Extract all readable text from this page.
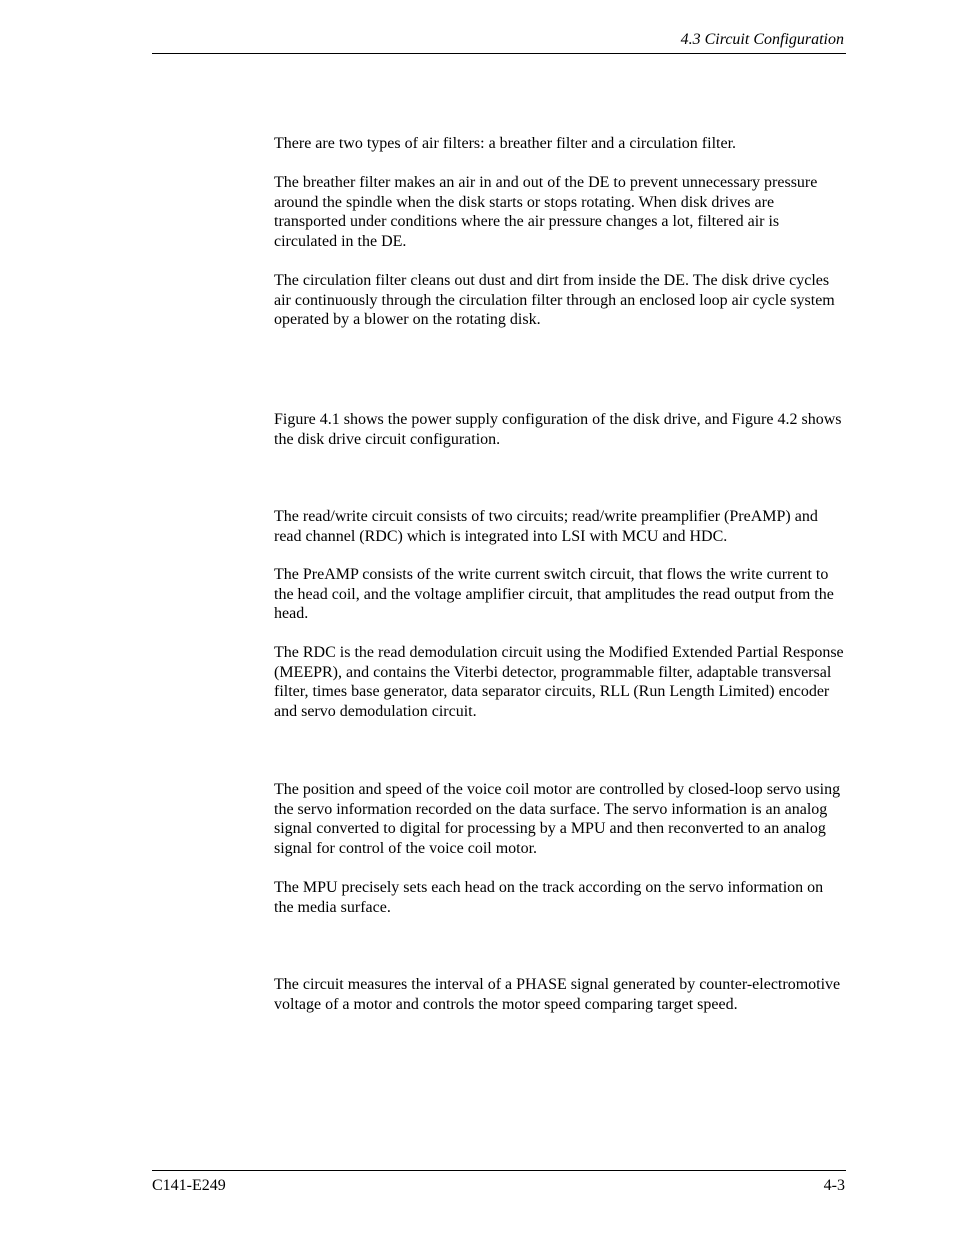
4.3 Circuit Configuration

There are two types of air filters: a breather filter and a circulation filter.

The breather filter makes an air in and out of the DE to prevent unnecessary pressure around the spindle when the disk starts or stops rotating. When disk drives are transported under conditions where the air pressure changes a lot, filtered air is circulated in the DE.

The circulation filter cleans out dust and dirt from inside the DE. The disk drive cycles air continuously through the circulation filter through an enclosed loop air cycle system operated by a blower on the rotating disk.

Figure 4.1 shows the power supply configuration of the disk drive, and Figure 4.2 shows the disk drive circuit configuration.

The read/write circuit consists of two circuits; read/write preamplifier (PreAMP) and read channel (RDC) which is integrated into LSI with MCU and HDC.

The PreAMP consists of the write current switch circuit, that flows the write current to the head coil, and the voltage amplifier circuit, that amplitudes the read output from the head.

The RDC is the read demodulation circuit using the Modified Extended Partial Response (MEEPR), and contains the Viterbi detector, programmable filter, adaptable transversal filter, times base generator, data separator circuits, RLL (Run Length Limited) encoder and servo demodulation circuit.

The position and speed of the voice coil motor are controlled by closed-loop servo using the servo information recorded on the data surface. The servo information is an analog signal converted to digital for processing by a MPU and then reconverted to an analog signal for control of the voice coil motor.

The MPU precisely sets each head on the track according on the servo information on the media surface.

The circuit measures the interval of a PHASE signal generated by counter-electromotive voltage of a motor and controls the motor speed comparing target speed.

C141-E249	4-3
